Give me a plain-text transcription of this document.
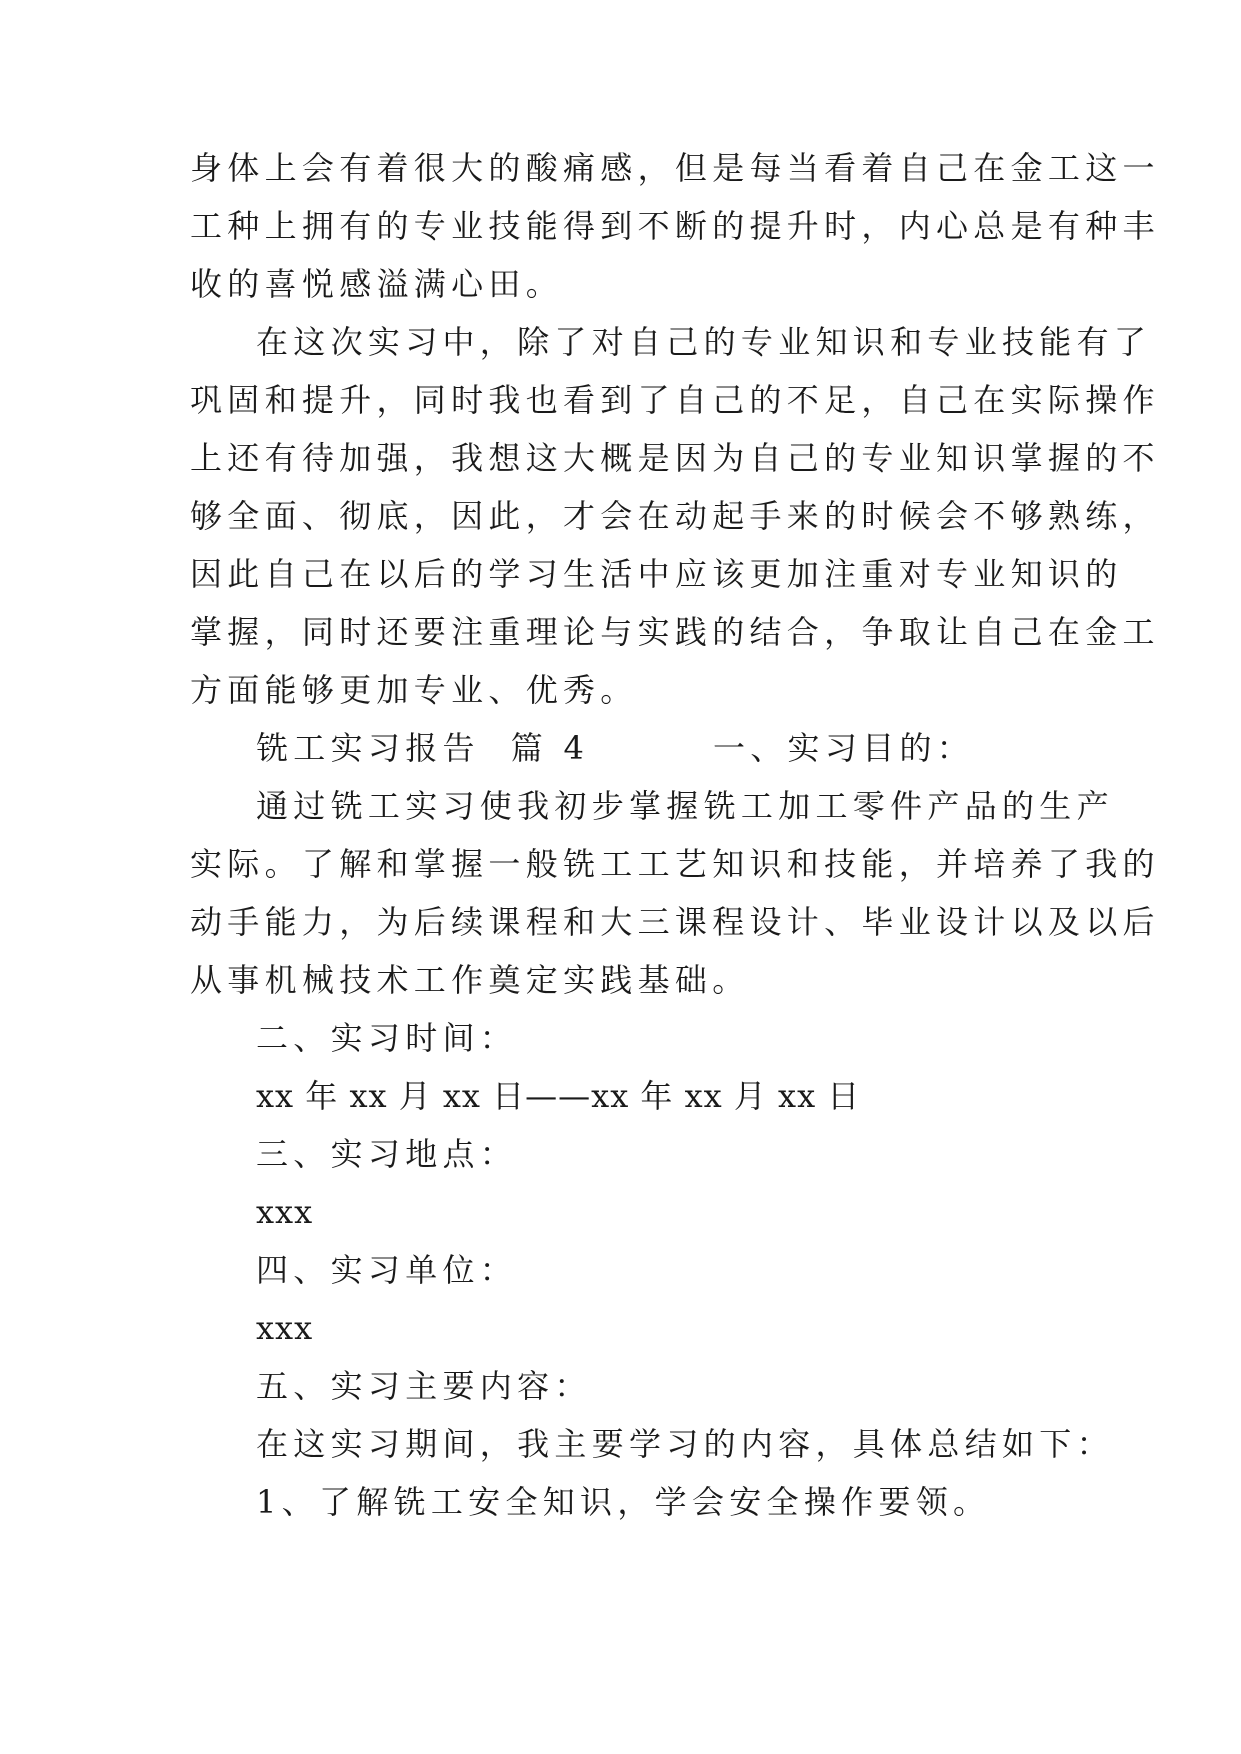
身体上会有着很大的酸痛感，但是每当看着自己在金工这一
工种上拥有的专业技能得到不断的提升时，内心总是有种丰
收的喜悦感溢满心田。
在这次实习中，除了对自己的专业知识和专业技能有了
巩固和提升，同时我也看到了自己的不足，自己在实际操作
上还有待加强，我想这大概是因为自己的专业知识掌握的不
够全面、彻底，因此，才会在动起手来的时候会不够熟练，
因此自己在以后的学习生活中应该更加注重对专业知识的
掌握，同时还要注重理论与实践的结合，争取让自己在金工
方面能够更加专业、优秀。
铣工实习报告  篇 4        一、实习目的：
通过铣工实习使我初步掌握铣工加工零件产品的生产
实际。了解和掌握一般铣工工艺知识和技能，并培养了我的
动手能力，为后续课程和大三课程设计、毕业设计以及以后
从事机械技术工作奠定实践基础。
二、实习时间：
xx 年 xx 月 xx 日——xx 年 xx 月 xx 日
三、实习地点：
xxx
四、实习单位：
xxx
五、实习主要内容：
在这实习期间，我主要学习的内容，具体总结如下：
1、了解铣工安全知识，学会安全操作要领。
